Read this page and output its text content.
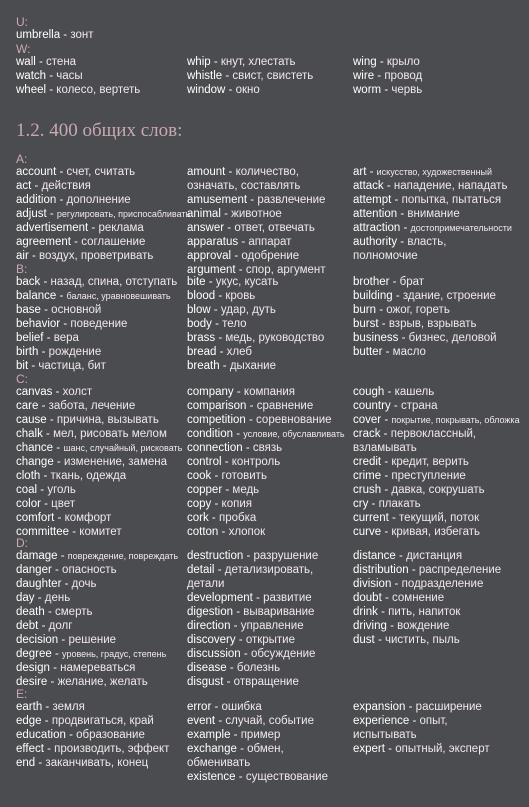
U:
umbrella - зонт
W:
wall - стена
watch - часы
wheel - колесо, вертеть
whip - кнут, хлестать
whistle - свист, свистеть
window - окно
wing - крыло
wire - провод
worm - червь
1.2. 400 общих слов:
A:
account - счет, считать
act - действия
addition - дополнение
adjust - регулировать, приспосабливать
advertisement - реклама
agreement - соглашение
air - воздух, проветривать
amount - количество,
означать, составлять
amusement - развлечение
animal - животное
answer - ответ, отвечать
apparatus - аппарат
approval - одобрение
argument - спор, аргумент
art - искусство, художественный
attack - нападение, нападать
attempt - попытка, пытаться
attention - внимание
attraction - достопримечательности
authority - власть,
полномочие
B:
back - назад, спина, отступать
balance - баланс, уравновешивать
base - основной
behavior - поведение
belief - вера
birth - рождение
bit - частица, бит
bite - укус, кусать
blood - кровь
blow - удар, дуть
body - тело
brass - медь, руководство
bread - хлеб
breath - дыхание
brother - брат
building - здание, строение
burn - ожог, гореть
burst - взрыв, взрывать
business - бизнес, деловой
butter - масло
C:
canvas - холст
care - забота, лечение
cause - причина, вызывать
chalk - мел, рисовать мелом
chance - шанс, случайный, рисковать
change - изменение, замена
cloth - ткань, одежда
coal - уголь
color - цвет
comfort - комфорт
committee - комитет
company - компания
comparison - сравнение
competition - соревнование
condition - условие, обуславливать
connection - связь
control - контроль
cook - готовить
copper - медь
copy - копия
cork - пробка
cotton - хлопок
cough - кашель
country - страна
cover - покрытие, покрывать, обложка
crack - первоклассный,
взламывать
credit - кредит, верить
crime - преступление
crush - давка, сокрушать
cry - плакать
current - текущий, поток
curve - кривая, избегать
D:
damage - повреждение, повреждать
danger - опасность
daughter - дочь
day - день
death - смерть
debt - долг
decision - решение
degree - уровень, градус, степень
design - намереваться
desire - желание, желать
destruction - разрушение
detail - детализировать,
детали
development - развитие
digestion - вываривание
direction - управление
discovery - открытие
discussion - обсуждение
disease - болезнь
disgust - отвращение
distance - дистанция
distribution - распределение
division - подразделение
doubt - сомнение
drink - пить, напиток
driving - вождение
dust - чистить, пыль
E:
earth - земля
edge - продвигаться, край
education - образование
effect - производить, эффект
end - заканчивать, конец
error - ошибка
event - случай, событие
example - пример
exchange - обмен,
обменивать
existence - существование
expansion - расширение
experience - опыт,
испытывать
expert - опытный, эксперт
